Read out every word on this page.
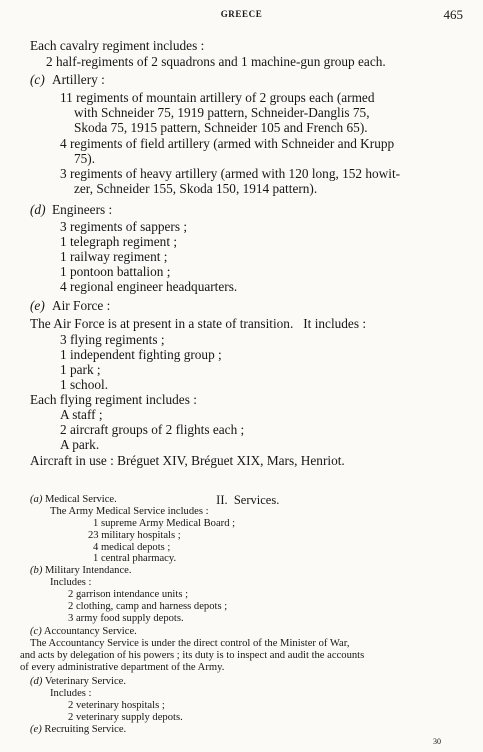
GREECE	465
Each cavalry regiment includes :
2 half-regiments of 2 squadrons and 1 machine-gun group each.
(c) Artillery :
11 regiments of mountain artillery of 2 groups each (armed
with Schneider 75, 1919 pattern, Schneider-Danglis 75,
Skoda 75, 1915 pattern, Schneider 105 and French 65).
4 regiments of field artillery (armed with Schneider and Krupp
75).
3 regiments of heavy artillery (armed with 120 long, 152 howit-
zer, Schneider 155, Skoda 150, 1914 pattern).
(d) Engineers :
3 regiments of sappers ;
1 telegraph regiment ;
1 railway regiment ;
1 pontoon battalion ;
4 regional engineer headquarters.
(e) Air Force :
The Air Force is at present in a state of transition.   It includes :
3 flying regiments ;
1 independent fighting group ;
1 park ;
1 school.
Each flying regiment includes :
A staff ;
2 aircraft groups of 2 flights each ;
A park.
Aircraft in use : Bréguet XIV, Bréguet XIX, Mars, Henriot.

II.  Services.

(a) Medical Service.
The Army Medical Service includes :
1 supreme Army Medical Board ;
23 military hospitals ;
4 medical depots ;
1 central pharmacy.
(b) Military Intendance.
Includes :
2 garrison intendance units ;
2 clothing, camp and harness depots ;
3 army food supply depots.
(c) Accountancy Service.
The Accountancy Service is under the direct control of the Minister of War,
and acts by delegation of his powers ; its duty is to inspect and audit the accounts
of every administrative department of the Army.
(d) Veterinary Service.
Includes :
2 veterinary hospitals ;
2 veterinary supply depots.
(e) Recruiting Service.
30
